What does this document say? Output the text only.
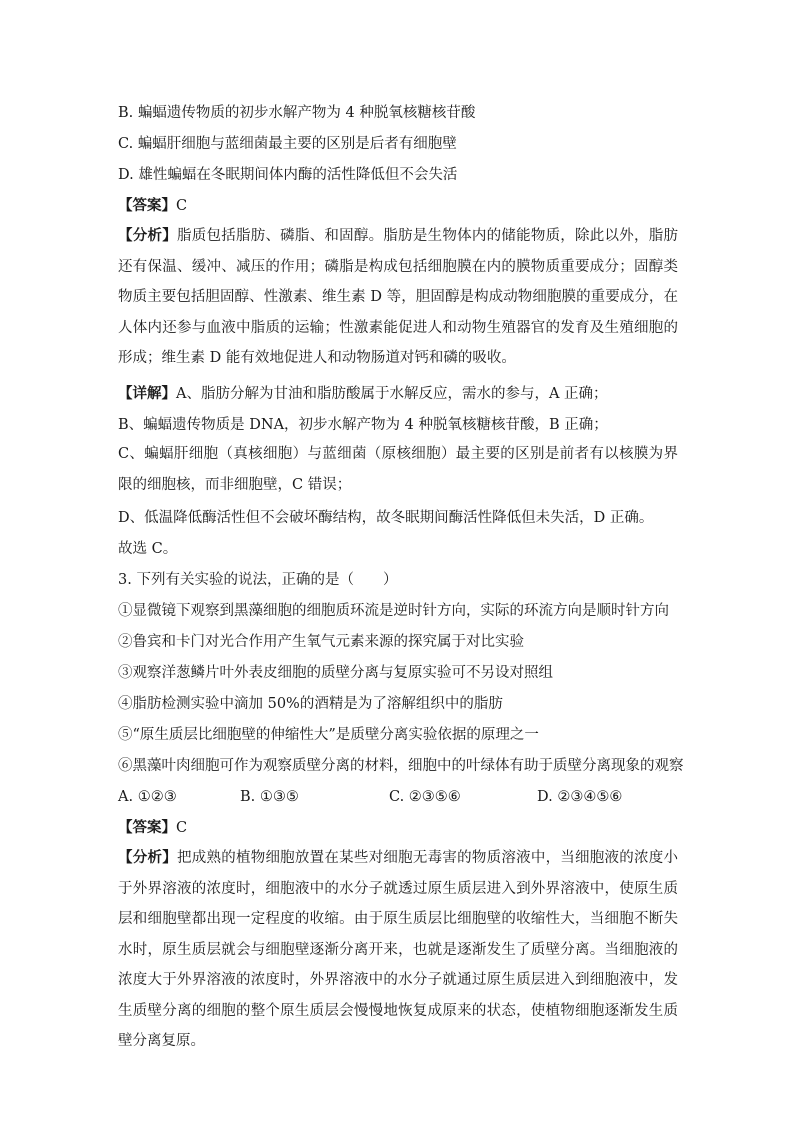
B. 蝙蝠遗传物质的初步水解产物为 4 种脱氧核糖核苷酸
C. 蝙蝠肝细胞与蓝细菌最主要的区别是后者有细胞壁
D. 雄性蝙蝠在冬眠期间体内酶的活性降低但不会失活
【答案】C
【分析】脂质包括脂肪、磷脂、和固醇。脂肪是生物体内的储能物质，除此以外，脂肪还有保温、缓冲、减压的作用；磷脂是构成包括细胞膜在内的膜物质重要成分；固醇类物质主要包括胆固醇、性激素、维生素 D 等，胆固醇是构成动物细胞膜的重要成分，在人体内还参与血液中脂质的运输；性激素能促进人和动物生殖器官的发育及生殖细胞的形成；维生素 D 能有效地促进人和动物肠道对钙和磷的吸收。
【详解】A、脂肪分解为甘油和脂肪酸属于水解反应，需水的参与，A 正确；
B、蝙蝠遗传物质是 DNA，初步水解产物为 4 种脱氧核糖核苷酸，B 正确；
C、蝙蝠肝细胞（真核细胞）与蓝细菌（原核细胞）最主要的区别是前者有以核膜为界限的细胞核，而非细胞壁，C 错误；
D、低温降低酶活性但不会破坏酶结构，故冬眠期间酶活性降低但未失活，D 正确。
故选 C。
3. 下列有关实验的说法，正确的是（　　）
①显微镜下观察到黑藻细胞的细胞质环流是逆时针方向，实际的环流方向是顺时针方向
②鲁宾和卡门对光合作用产生氧气元素来源的探究属于对比实验
③观察洋葱鳞片叶外表皮细胞的质壁分离与复原实验可不另设对照组
④脂肪检测实验中滴加 50%的酒精是为了溶解组织中的脂肪
⑤“原生质层比细胞壁的伸缩性大”是质壁分离实验依据的原理之一
⑥黑藻叶肉细胞可作为观察质壁分离的材料，细胞中的叶绿体有助于质壁分离现象的观察
A. ①②③	B. ①③⑤	C. ②③⑤⑥	D. ②③④⑤⑥
【答案】C
【分析】把成熟的植物细胞放置在某些对细胞无毒害的物质溶液中，当细胞液的浓度小于外界溶液的浓度时，细胞液中的水分子就透过原生质层进入到外界溶液中，使原生质层和细胞壁都出现一定程度的收缩。由于原生质层比细胞壁的收缩性大，当细胞不断失水时，原生质层就会与细胞壁逐渐分离开来，也就是逐渐发生了质壁分离。当细胞液的浓度大于外界溶液的浓度时，外界溶液中的水分子就通过原生质层进入到细胞液中，发生质壁分离的细胞的整个原生质层会慢慢地恢复成原来的状态，使植物细胞逐渐发生质壁分离复原。
